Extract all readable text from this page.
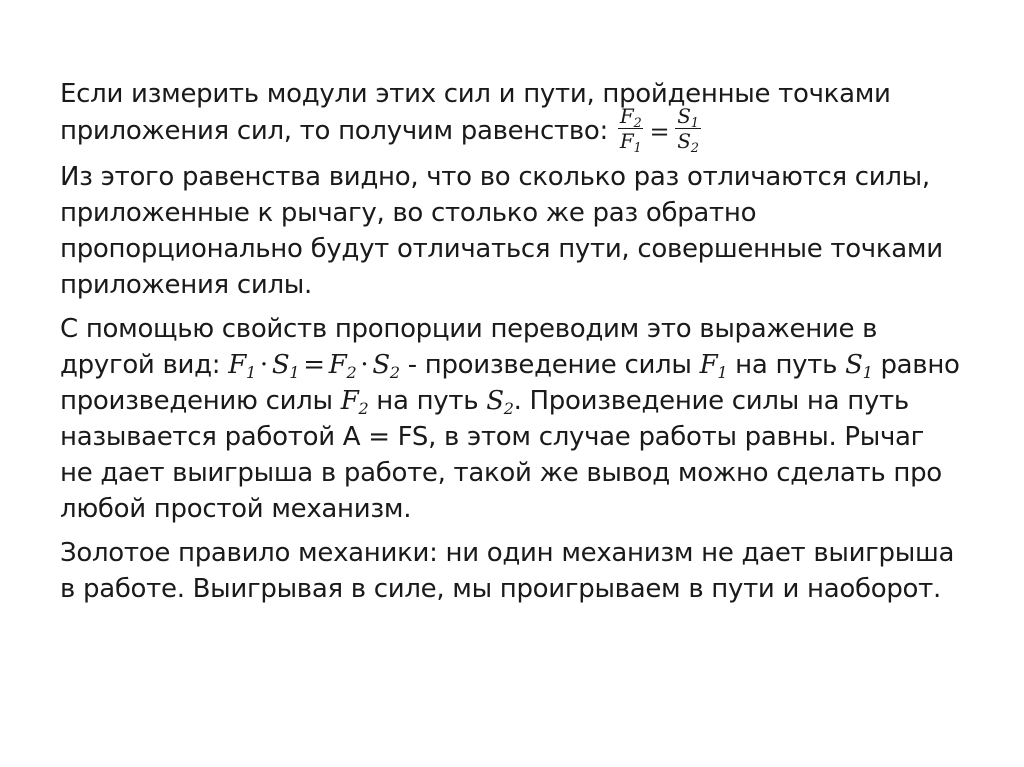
Если измерить модули этих сил и пути, пройденные точками
приложения сил, то получим равенство: $\frac{F_2}{F_1} = \frac{S_1}{S_2}$
Из этого равенства видно, что во сколько раз отличаются силы, приложенные к рычагу, во столько же раз обратно пропорционально будут отличаться пути, совершенные точками приложения силы.
С помощью свойств пропорции переводим это выражение в другой вид: $F_1 \cdot S_1 = F_2 \cdot S_2$ - произведение силы $F_1$ на путь $S_1$ равно произведению силы $F_2$ на путь $S_2$. Произведение силы на путь называется работой А = FS, в этом случае работы равны. Рычаг не дает выигрыша в работе, такой же вывод можно сделать про любой простой механизм.
Золотое правило механики: ни один механизм не дает выигрыша в работе. Выигрывая в силе, мы проигрываем в пути и наоборот.
